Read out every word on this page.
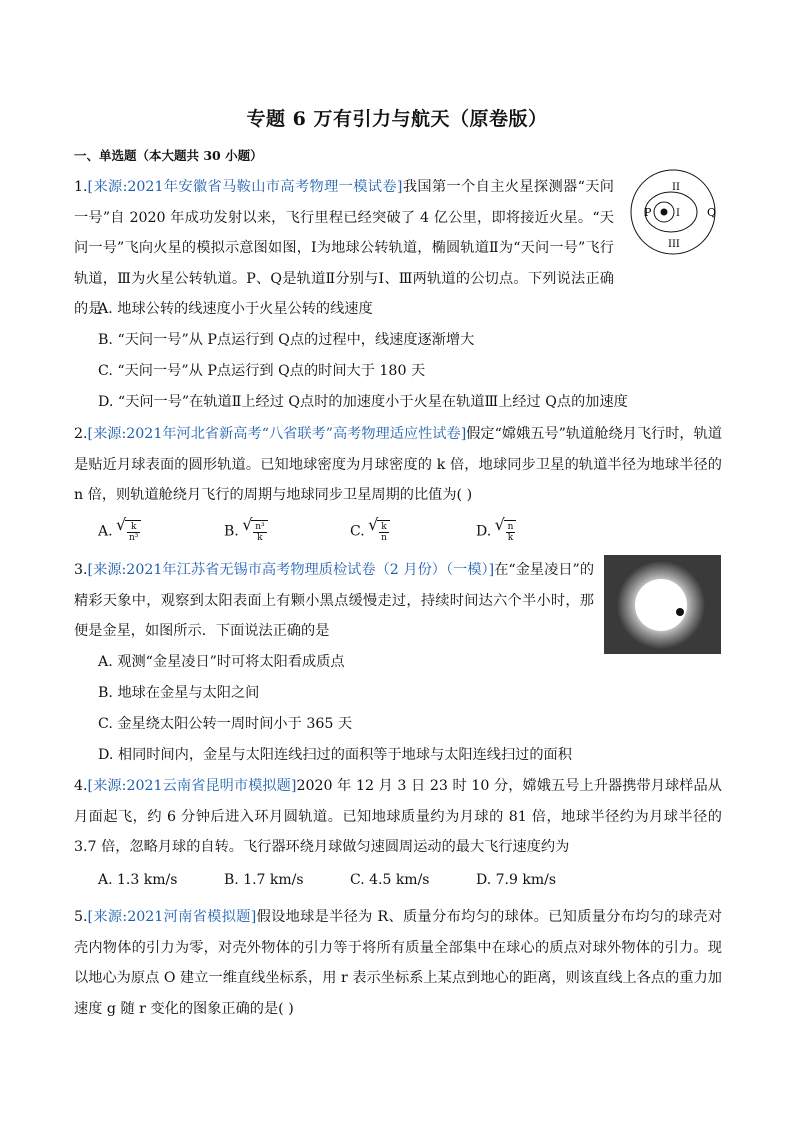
专题 6 万有引力与航天（原卷版）
一、单选题（本大题共 30 小题）
1.[来源:2021年安徽省马鞍山市高考物理一模试卷]我国第一个自主火星探测器“天问一号”自 2020 年成功发射以来，飞行里程已经突破了 4 亿公里，即将接近火星。“天问一号”飞向火星的模拟示意图如图，Ⅰ为地球公转轨道，椭圆轨道Ⅱ为“天问一号”飞行轨道，Ⅲ为火星公转轨道。P、Q是轨道Ⅱ分别与Ⅰ、Ⅲ两轨道的公切点。下列说法正确的是
II
I
III
P	Q
A. 地球公转的线速度小于火星公转的线速度
B. “天问一号”从 P点运行到 Q点的过程中，线速度逐渐增大
C. “天问一号”从 P点运行到 Q点的时间大于 180 天
D. “天问一号”在轨道Ⅱ上经过 Q点时的加速度小于火星在轨道Ⅲ上经过 Q点的加速度
2.[来源:2021年河北省新高考“八省联考”高考物理适应性试卷]假定“嫦娥五号”轨道舱绕月飞行时，轨道是贴近月球表面的圆形轨道。已知地球密度为月球密度的 k 倍，地球同步卫星的轨道半径为地球半径的 n 倍，则轨道舱绕月飞行的周期与地球同步卫星周期的比值为( )
A. √ $\frac{k}{\text{n³}}$	B. √ $\frac{\text{n³}}{k}$	C. √ $\frac{k}{n}$	D. √ $\frac{n}{k}$
3.[来源:2021年江苏省无锡市高考物理质检试卷（2 月份）（一模）]在“金星凌日”的精彩天象中，观察到太阳表面上有颗小黑点缓慢走过，持续时间达六个半小时，那便是金星，如图所示．下面说法正确的是
A. 观测“金星凌日”时可将太阳看成质点
B. 地球在金星与太阳之间
C. 金星绕太阳公转一周时间小于 365 天
D. 相同时间内，金星与太阳连线扫过的面积等于地球与太阳连线扫过的面积
4.[来源:2021云南省昆明市模拟题]2020 年 12 月 3 日 23 时 10 分，嫦娥五号上升器携带月球样品从月面起飞，约 6 分钟后进入环月圆轨道。已知地球质量约为月球的 81 倍，地球半径约为月球半径的 3.7 倍，忽略月球的自转。飞行器环绕月球做匀速圆周运动的最大飞行速度约为
A. 1.3 km/s	B. 1.7 km/s	C. 4.5 km/s	D. 7.9 km/s
5.[来源:2021河南省模拟题]假设地球是半径为 R、质量分布均匀的球体。已知质量分布均匀的球壳对壳内物体的引力为零，对壳外物体的引力等于将所有质量全部集中在球心的质点对球外物体的引力。现以地心为原点 O 建立一维直线坐标系，用 r 表示坐标系上某点到地心的距离，则该直线上各点的重力加速度 g 随 r 变化的图象正确的是( )
